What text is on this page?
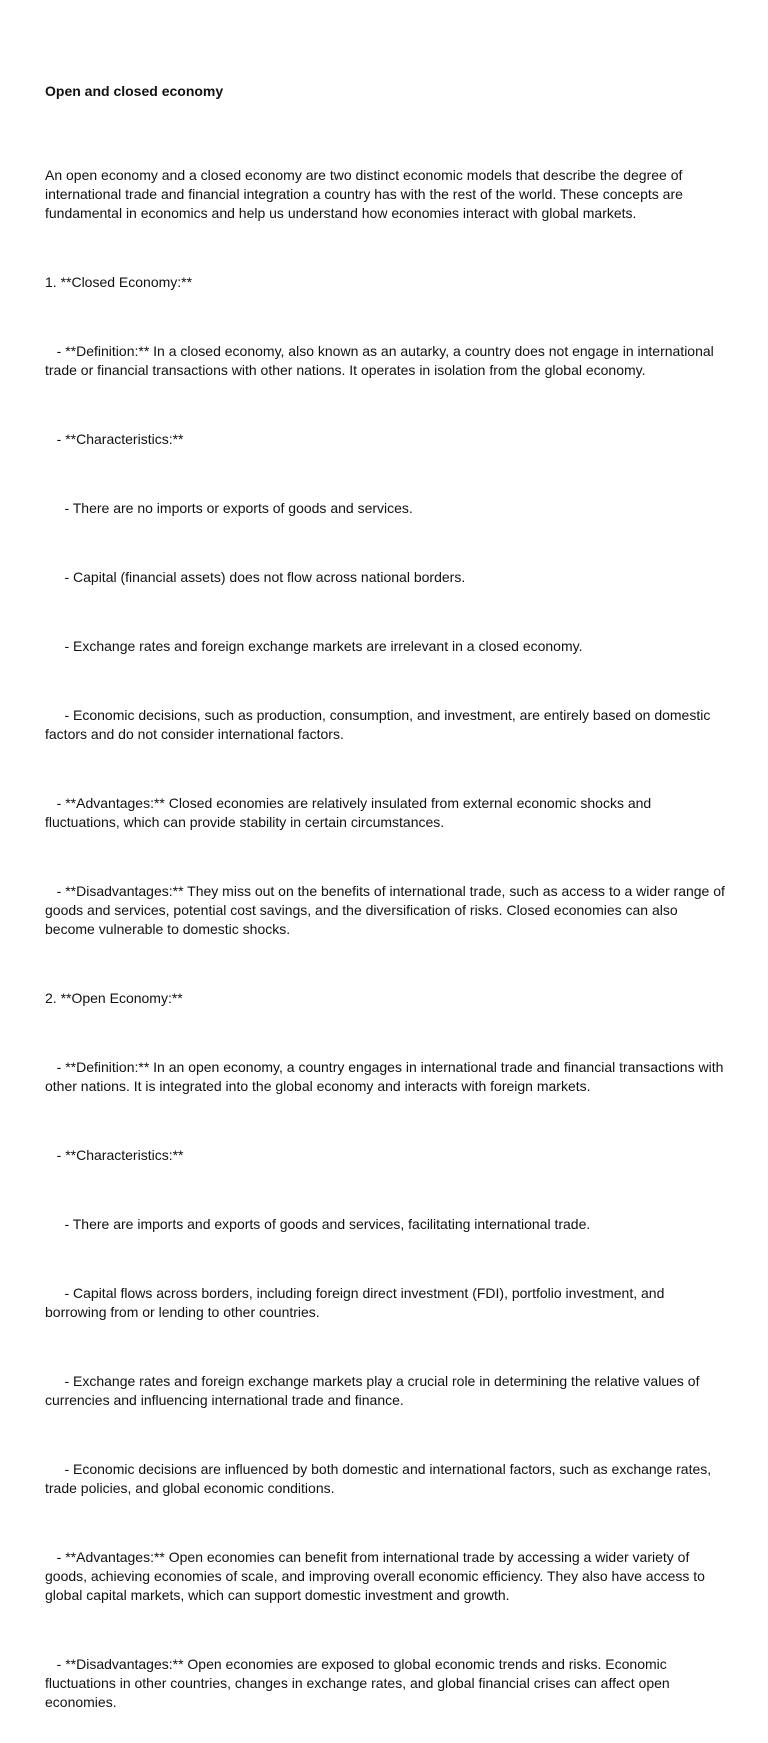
Open and closed economy

An open economy and a closed economy are two distinct economic models that describe the degree of international trade and financial integration a country has with the rest of the world. These concepts are fundamental in economics and help us understand how economies interact with global markets.

1. **Closed Economy:**

- **Definition:** In a closed economy, also known as an autarky, a country does not engage in international trade or financial transactions with other nations. It operates in isolation from the global economy.

- **Characteristics:**

- There are no imports or exports of goods and services.

- Capital (financial assets) does not flow across national borders.

- Exchange rates and foreign exchange markets are irrelevant in a closed economy.

- Economic decisions, such as production, consumption, and investment, are entirely based on domestic factors and do not consider international factors.

- **Advantages:** Closed economies are relatively insulated from external economic shocks and fluctuations, which can provide stability in certain circumstances.

- **Disadvantages:** They miss out on the benefits of international trade, such as access to a wider range of goods and services, potential cost savings, and the diversification of risks. Closed economies can also become vulnerable to domestic shocks.

2. **Open Economy:**

- **Definition:** In an open economy, a country engages in international trade and financial transactions with other nations. It is integrated into the global economy and interacts with foreign markets.

- **Characteristics:**

- There are imports and exports of goods and services, facilitating international trade.

- Capital flows across borders, including foreign direct investment (FDI), portfolio investment, and borrowing from or lending to other countries.

- Exchange rates and foreign exchange markets play a crucial role in determining the relative values of currencies and influencing international trade and finance.

- Economic decisions are influenced by both domestic and international factors, such as exchange rates, trade policies, and global economic conditions.

- **Advantages:** Open economies can benefit from international trade by accessing a wider variety of goods, achieving economies of scale, and improving overall economic efficiency. They also have access to global capital markets, which can support domestic investment and growth.

- **Disadvantages:** Open economies are exposed to global economic trends and risks. Economic fluctuations in other countries, changes in exchange rates, and global financial crises can affect open economies.
